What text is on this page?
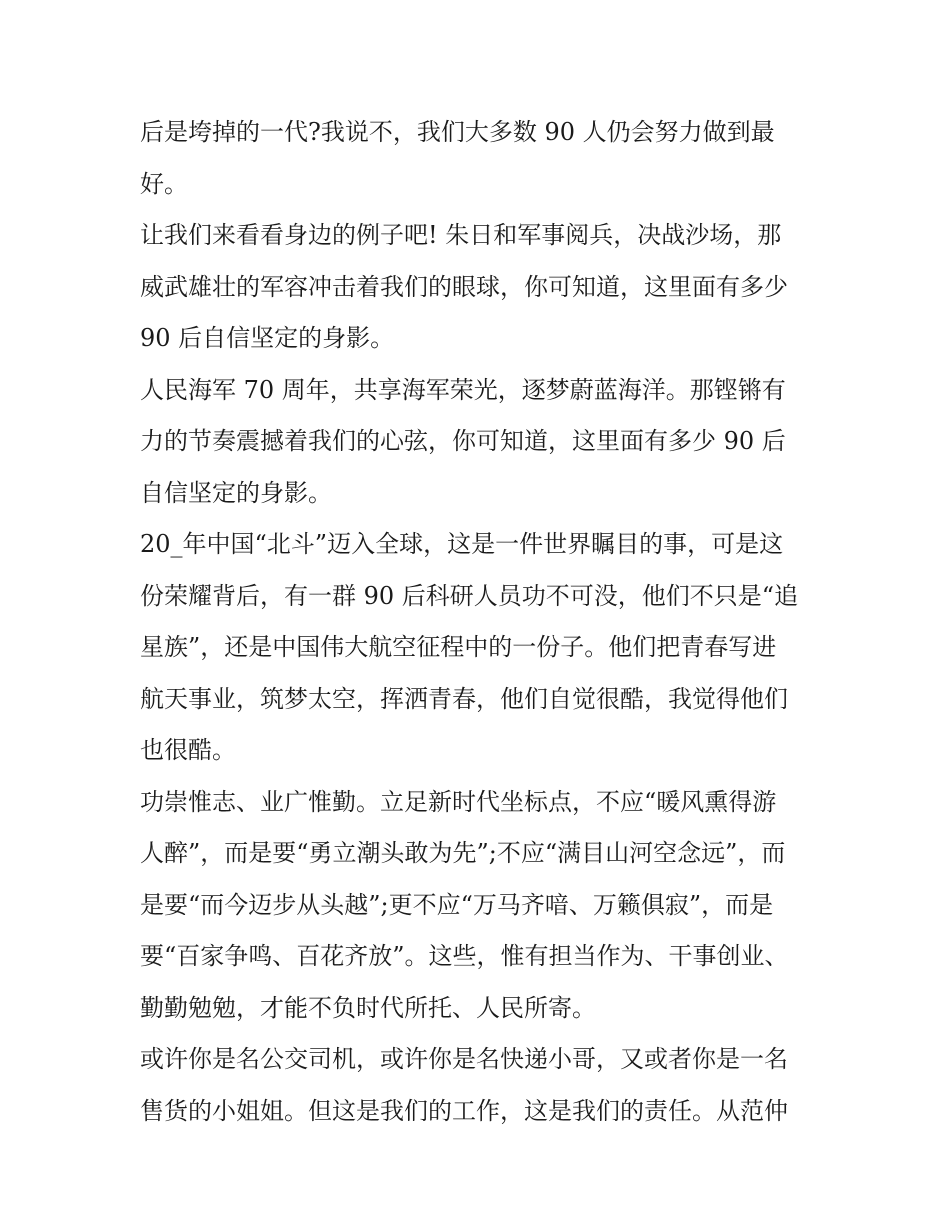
后是垮掉的一代?我说不，我们大多数 90 人仍会努力做到最
好。
让我们来看看身边的例子吧! 朱日和军事阅兵，决战沙场，那
威武雄壮的军容冲击着我们的眼球，你可知道，这里面有多少
90 后自信坚定的身影。
人民海军 70 周年，共享海军荣光，逐梦蔚蓝海洋。那铿锵有
力的节奏震撼着我们的心弦，你可知道，这里面有多少 90 后
自信坚定的身影。
20_年中国“北斗”迈入全球，这是一件世界瞩目的事，可是这
份荣耀背后，有一群 90 后科研人员功不可没，他们不只是“追
星族”，还是中国伟大航空征程中的一份子。他们把青春写进
航天事业，筑梦太空，挥洒青春，他们自觉很酷，我觉得他们
也很酷。
功崇惟志、业广惟勤。立足新时代坐标点，不应“暖风熏得游
人醉”，而是要“勇立潮头敢为先”;不应“满目山河空念远”，而
是要“而今迈步从头越”;更不应“万马齐喑、万籁俱寂”，而是
要“百家争鸣、百花齐放”。这些，惟有担当作为、干事创业、
勤勤勉勉，才能不负时代所托、人民所寄。
或许你是名公交司机，或许你是名快递小哥，又或者你是一名
售货的小姐姐。但这是我们的工作，这是我们的责任。从范仲
